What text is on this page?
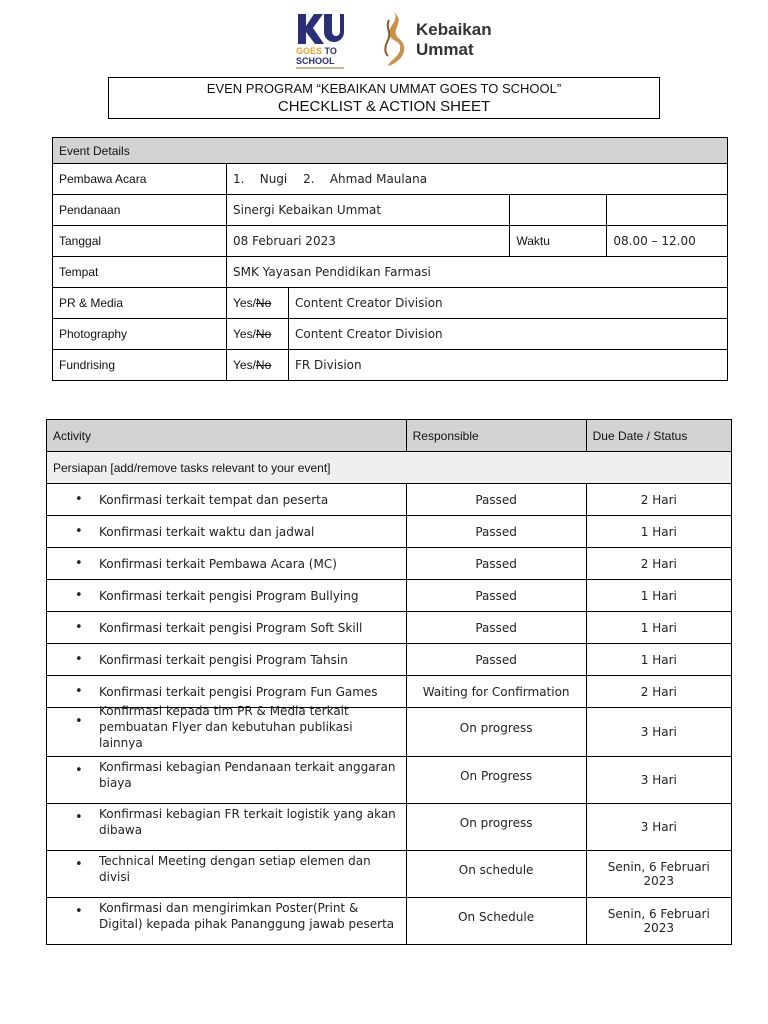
GOES TO
SCHOOL
Kebaikan
Ummat
EVEN PROGRAM “KEBAIKAN UMMAT GOES TO SCHOOL”
CHECKLIST & ACTION SHEET
Event Details				
Pembawa Acara	1. Nugi 2. Ahmad Maulana			
Pendanaan	Sinergi Kebaikan Ummat			
Tanggal	08 Februari 2023		Waktu	08.00 – 12.00
Tempat	SMK Yayasan Pendidikan Farmasi			
PR & Media	Yes/No	Content Creator Division		
Photography	Yes/No	Content Creator Division		
Fundrising	Yes/No	FR Division		
Activity	Responsible	Due Date / Status
Persiapan [add/remove tasks relevant to your event]		

• Konfirmasi terkait tempat dan peserta	Passed	2 Hari

• Konfirmasi terkait waktu dan jadwal	Passed	1 Hari

• Konfirmasi terkait Pembawa Acara (MC)	Passed	2 Hari

• Konfirmasi terkait pengisi Program Bullying	Passed	1 Hari

• Konfirmasi terkait pengisi Program Soft Skill	Passed	1 Hari

• Konfirmasi terkait pengisi Program Tahsin	Passed	1 Hari

• Konfirmasi terkait pengisi Program Fun Games	Waiting for Confirmation	2 Hari

•
Konfirmasi kepada tim PR & Media terkait pembuatan Flyer dan kebutuhan publikasi lainnya	On progress	3 Hari

• Konfirmasi kebagian Pendanaan terkait anggaran biaya	On Progress	3 Hari

• Konfirmasi kebagian FR terkait logistik yang akan dibawa	On progress	3 Hari

• Technical Meeting dengan setiap elemen dan divisi	On schedule	Senin, 6 Februari 2023

• Konfirmasi dan mengirimkan Poster(Print & Digital) kepada pihak Pananggung jawab peserta	On Schedule	Senin, 6 Februari 2023
